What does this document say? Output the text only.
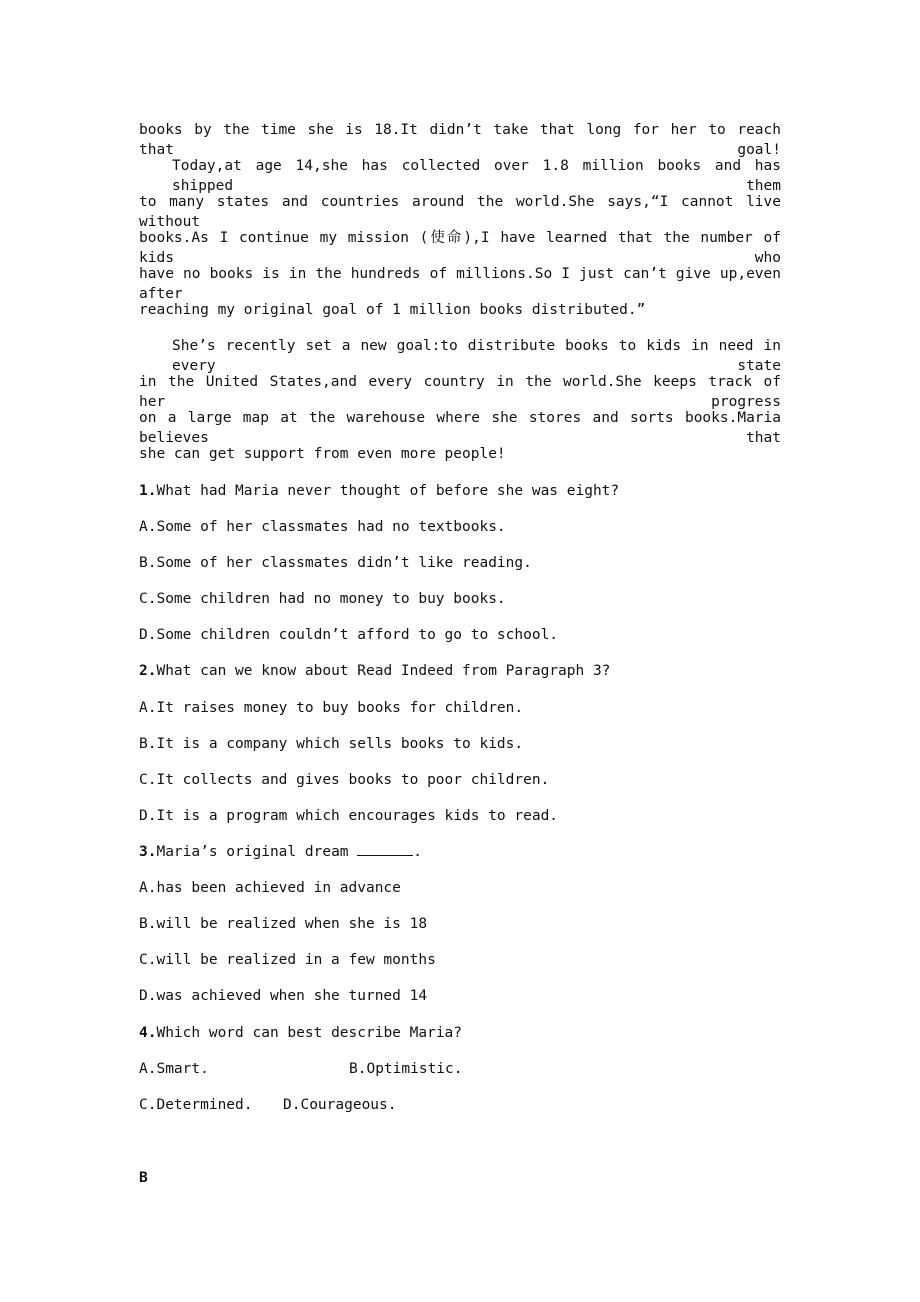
books by the time she is 18.It didn’t take that long for her to reach that goal!
Today,at age 14,she has collected over 1.8 million books and has shipped them
to many states and countries around the world.She says,“I cannot live without
books.As I continue my mission (使命),I have learned that the number of kids who
have no books is in the hundreds of millions.So I just can’t give up,even after
reaching my original goal of 1 million books distributed.”
She’s recently set a new goal:to distribute books to kids in need in every state
in the United States,and every country in the world.She keeps track of her progress
on a large map at the warehouse where she stores and sorts books.Maria believes that
she can get support from even more people!
1.What had Maria never thought of before she was eight?
A.Some of her classmates had no textbooks.
B.Some of her classmates didn’t like reading.
C.Some children had no money to buy books.
D.Some children couldn’t afford to go to school.
2.What can we know about Read Indeed from Paragraph 3?
A.It raises money to buy books for children.
B.It is a company which sells books to kids.
C.It collects and gives books to poor children.
D.It is a program which encourages kids to read.
3.Maria’s original dream	.
A.has been achieved in advance
B.will be realized when she is 18
C.will be realized in a few months
D.was achieved when she turned 14
4.Which word can best describe Maria?
A.Smart.	B.Optimistic.
C.Determined. D.Courageous.
B
